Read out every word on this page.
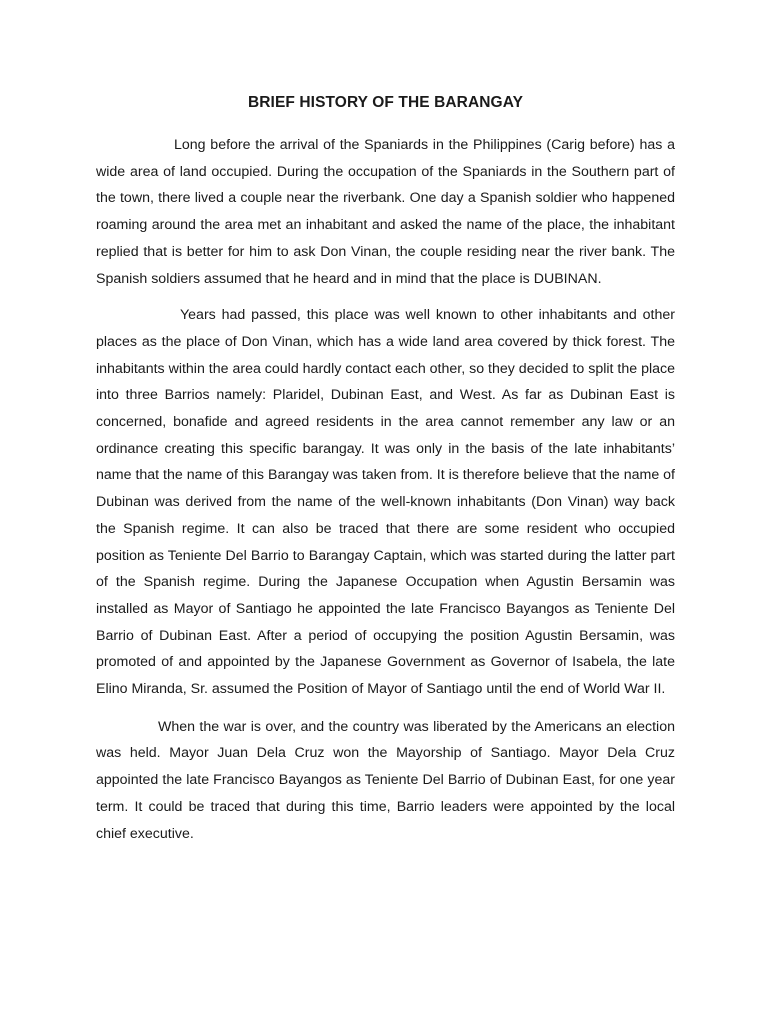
BRIEF HISTORY OF THE BARANGAY

Long before the arrival of the Spaniards in the Philippines (Carig before) has a wide area of land occupied. During the occupation of the Spaniards in the Southern part of the town, there lived a couple near the riverbank. One day a Spanish soldier who happened roaming around the area met an inhabitant and asked the name of the place, the inhabitant replied that is better for him to ask Don Vinan, the couple residing near the river bank. The Spanish soldiers assumed that he heard and in mind that the place is DUBINAN.

Years had passed, this place was well known to other inhabitants and other places as the place of Don Vinan, which has a wide land area covered by thick forest. The inhabitants within the area could hardly contact each other, so they decided to split the place into three Barrios namely: Plaridel, Dubinan East, and West. As far as Dubinan East is concerned, bonafide and agreed residents in the area cannot remember any law or an ordinance creating this specific barangay. It was only in the basis of the late inhabitants’ name that the name of this Barangay was taken from. It is therefore believe that the name of Dubinan was derived from the name of the well-known inhabitants (Don Vinan) way back the Spanish regime. It can also be traced that there are some resident who occupied position as Teniente Del Barrio to Barangay Captain, which was started during the latter part of the Spanish regime. During the Japanese Occupation when Agustin Bersamin was installed as Mayor of Santiago he appointed the late Francisco Bayangos as Teniente Del Barrio of Dubinan East. After a period of occupying the position Agustin Bersamin, was promoted of and appointed by the Japanese Government as Governor of Isabela, the late Elino Miranda, Sr. assumed the Position of Mayor of Santiago until the end of World War II.

When the war is over, and the country was liberated by the Americans an election was held. Mayor Juan Dela Cruz won the Mayorship of Santiago. Mayor Dela Cruz appointed the late Francisco Bayangos as Teniente Del Barrio of Dubinan East, for one year term. It could be traced that during this time, Barrio leaders were appointed by the local chief executive.
